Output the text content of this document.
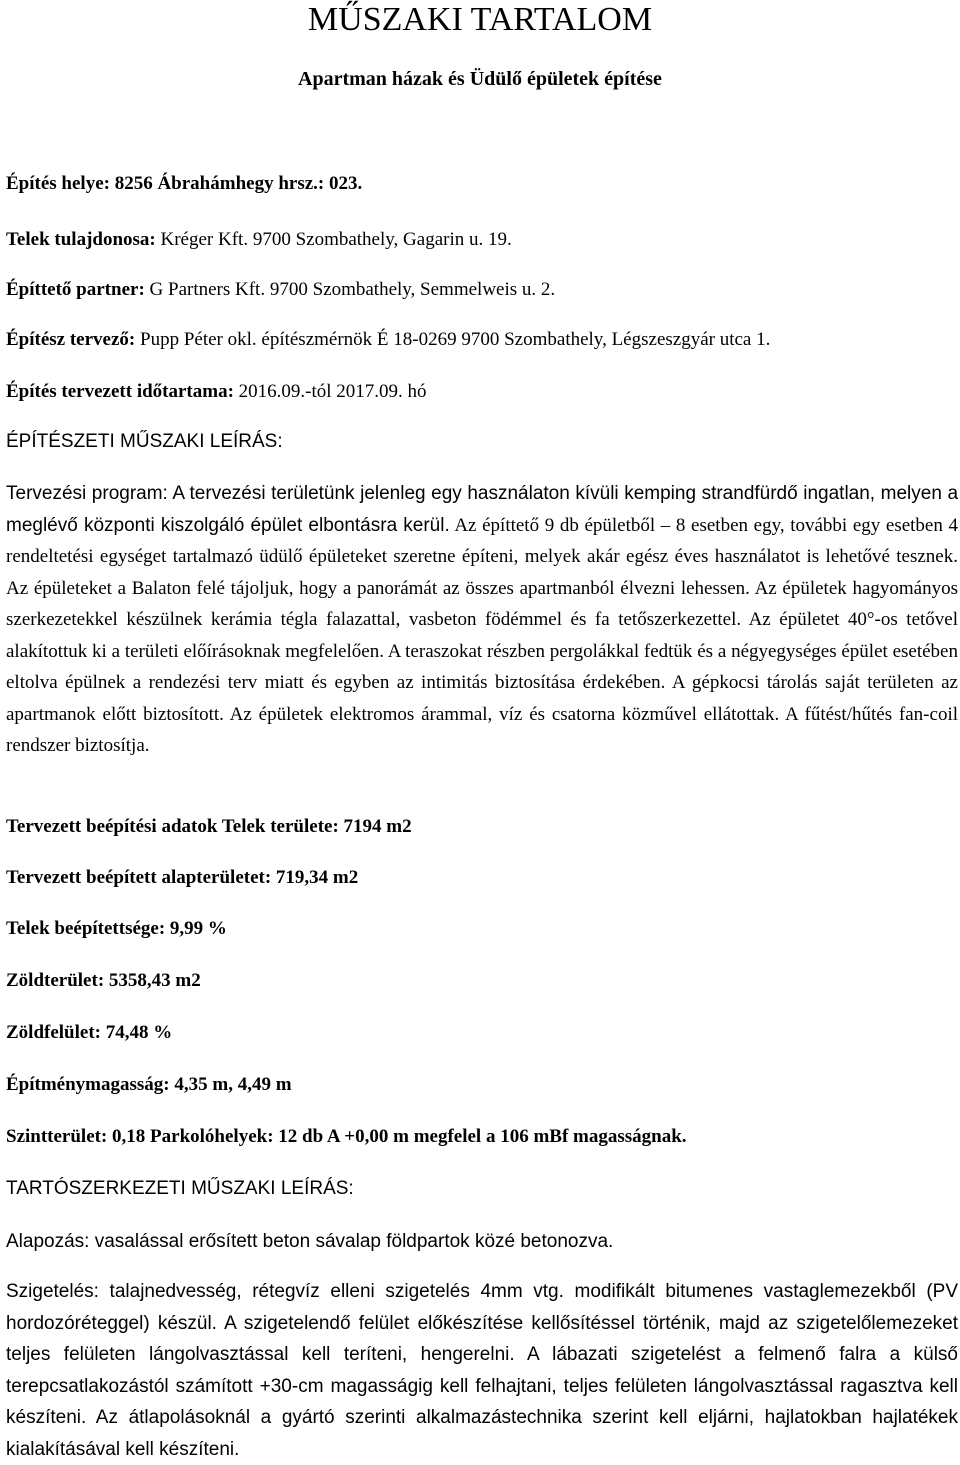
MŰSZAKI TARTALOM
Apartman házak és Üdülő épületek építése
Építés helye: 8256 Ábrahámhegy hrsz.: 023.
Telek tulajdonosa: Kréger Kft. 9700 Szombathely, Gagarin u. 19.
Építtető partner: G Partners Kft. 9700 Szombathely, Semmelweis u. 2.
Építész tervező: Pupp Péter okl. építészmérnök É 18-0269 9700 Szombathely, Légszeszgyár utca 1.
Építés tervezett időtartama: 2016.09.-tól 2017.09. hó
ÉPÍTÉSZETI MŰSZAKI LEÍRÁS:

Tervezési program: A tervezési területünk jelenleg egy használaton kívüli kemping strandfürdő ingatlan, melyen a meglévő központi kiszolgáló épület elbontásra kerül. Az építtető 9 db épületből – 8 esetben egy, további egy esetben 4 rendeltetési egységet tartalmazó üdülő épületeket szeretne építeni, melyek akár egész éves használatot is lehetővé tesznek. Az épületeket a Balaton felé tájoljuk, hogy a panorámát az összes apartmanból élvezni lehessen. Az épületek hagyományos szerkezetekkel készülnek kerámia tégla falazattal, vasbeton födémmel és fa tetőszerkezettel. Az épületet 40°-os tetővel alakítottuk ki a területi előírásoknak megfelelően. A teraszokat részben pergolákkal fedtük és a négyegységes épület esetében eltolva épülnek a rendezési terv miatt és egyben az intimitás biztosítása érdekében. A gépkocsi tárolás saját területen az apartmanok előtt biztosított. Az épületek elektromos árammal, víz és csatorna közművel ellátottak. A fűtést/hűtés fan-coil rendszer biztosítja.

Tervezett beépítési adatok Telek területe: 7194 m2
Tervezett beépített alapterületet: 719,34 m2
Telek beépítettsége: 9,99 %
Zöldterület: 5358,43 m2
Zöldfelület: 74,48 %
Építménymagasság: 4,35 m, 4,49 m
Szintterület: 0,18 Parkolóhelyek: 12 db A +0,00 m megfelel a 106 mBf magasságnak.
TARTÓSZERKEZETI MŰSZAKI LEÍRÁS:

Alapozás: vasalással erősített beton sávalap földpartok közé betonozva.

Szigetelés: talajnedvesség, rétegvíz elleni szigetelés 4mm vtg. modifikált bitumenes vastaglemezekből (PV hordozóréteggel) készül. A szigetelendő felület előkészítése kellősítéssel történik, majd az szigetelőlemezeket teljes felületen lángolvasztással kell teríteni, hengerelni. A lábazati szigetelést a felmenő falra a külső terepcsatlakozástól számított +30-cm magasságig kell felhajtani, teljes felületen lángolvasztással ragasztva kell készíteni. Az átlapolásoknál a gyártó szerinti alkalmazástechnika szerint kell eljárni, hajlatokban hajlatékek kialakításával kell készíteni.
